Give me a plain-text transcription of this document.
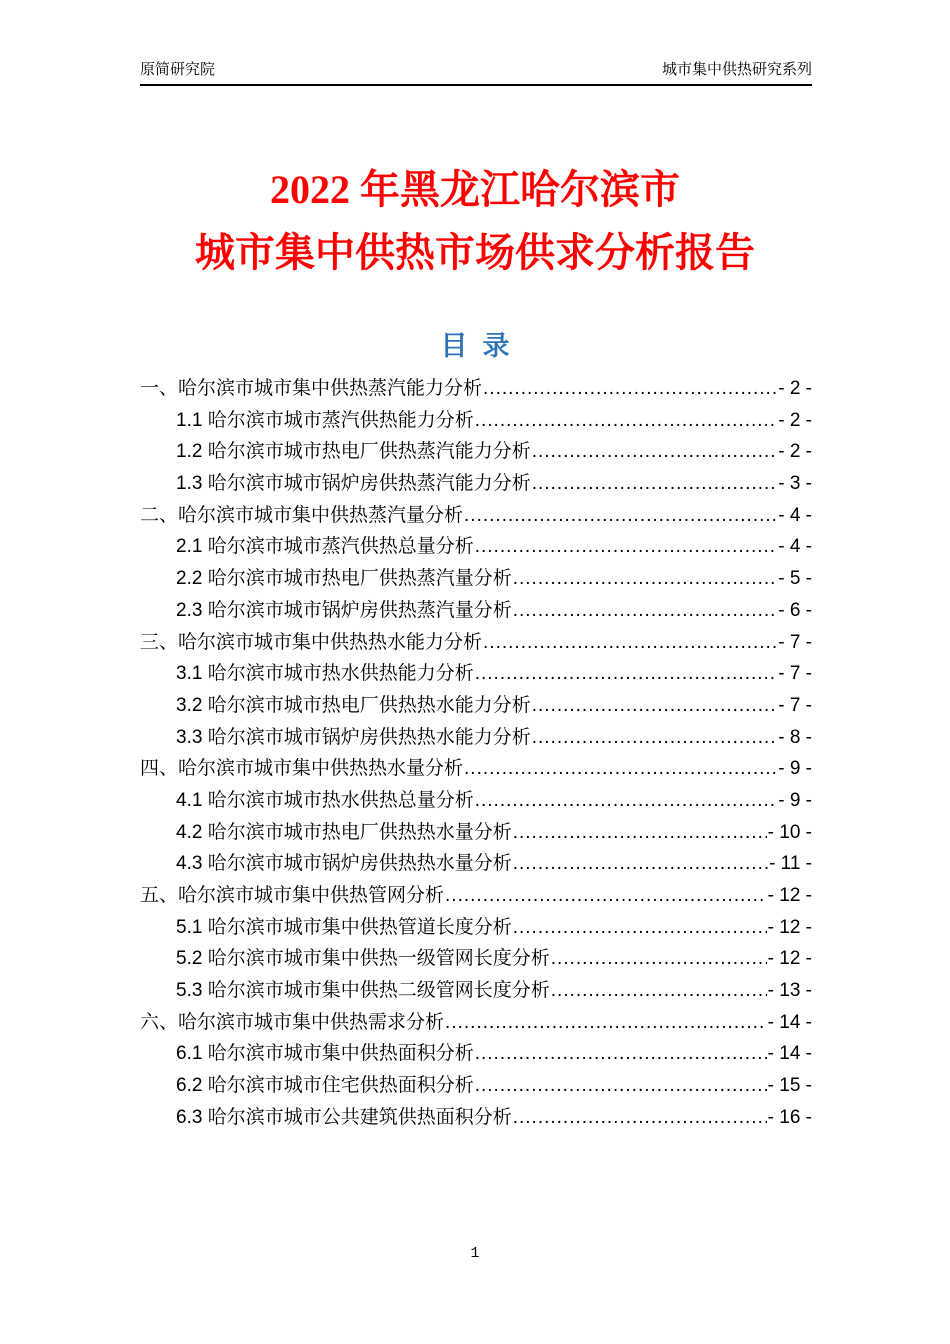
原简研究院	城市集中供热研究系列
2022 年黑龙江哈尔滨市
城市集中供热市场供求分析报告
目  录
一、哈尔滨市城市集中供热蒸汽能力分析 .....	- 2 -
1.1 哈尔滨市城市蒸汽供热能力分析 .....	- 2 -
1.2 哈尔滨市城市热电厂供热蒸汽能力分析 .....	- 2 -
1.3 哈尔滨市城市锅炉房供热蒸汽能力分析 .....	- 3 -
二、哈尔滨市城市集中供热蒸汽量分析 .....	- 4 -
2.1 哈尔滨市城市蒸汽供热总量分析 .....	- 4 -
2.2 哈尔滨市城市热电厂供热蒸汽量分析 .....	- 5 -
2.3 哈尔滨市城市锅炉房供热蒸汽量分析 .....	- 6 -
三、哈尔滨市城市集中供热热水能力分析 .....	- 7 -
3.1 哈尔滨市城市热水供热能力分析 .....	- 7 -
3.2 哈尔滨市城市热电厂供热热水能力分析 .....	- 7 -
3.3 哈尔滨市城市锅炉房供热热水能力分析 .....	- 8 -
四、哈尔滨市城市集中供热热水量分析 .....	- 9 -
4.1 哈尔滨市城市热水供热总量分析 .....	- 9 -
4.2 哈尔滨市城市热电厂供热热水量分析 .....	- 10 -
4.3 哈尔滨市城市锅炉房供热热水量分析 .....	- 11 -
五、哈尔滨市城市集中供热管网分析 .....	- 12 -
5.1 哈尔滨市城市集中供热管道长度分析 .....	- 12 -
5.2 哈尔滨市城市集中供热一级管网长度分析 .....	- 12 -
5.3 哈尔滨市城市集中供热二级管网长度分析 .....	- 13 -
六、哈尔滨市城市集中供热需求分析 .....	- 14 -
6.1 哈尔滨市城市集中供热面积分析 .....	- 14 -
6.2 哈尔滨市城市住宅供热面积分析 .....	- 15 -
6.3 哈尔滨市城市公共建筑供热面积分析 .....	- 16 -
1
